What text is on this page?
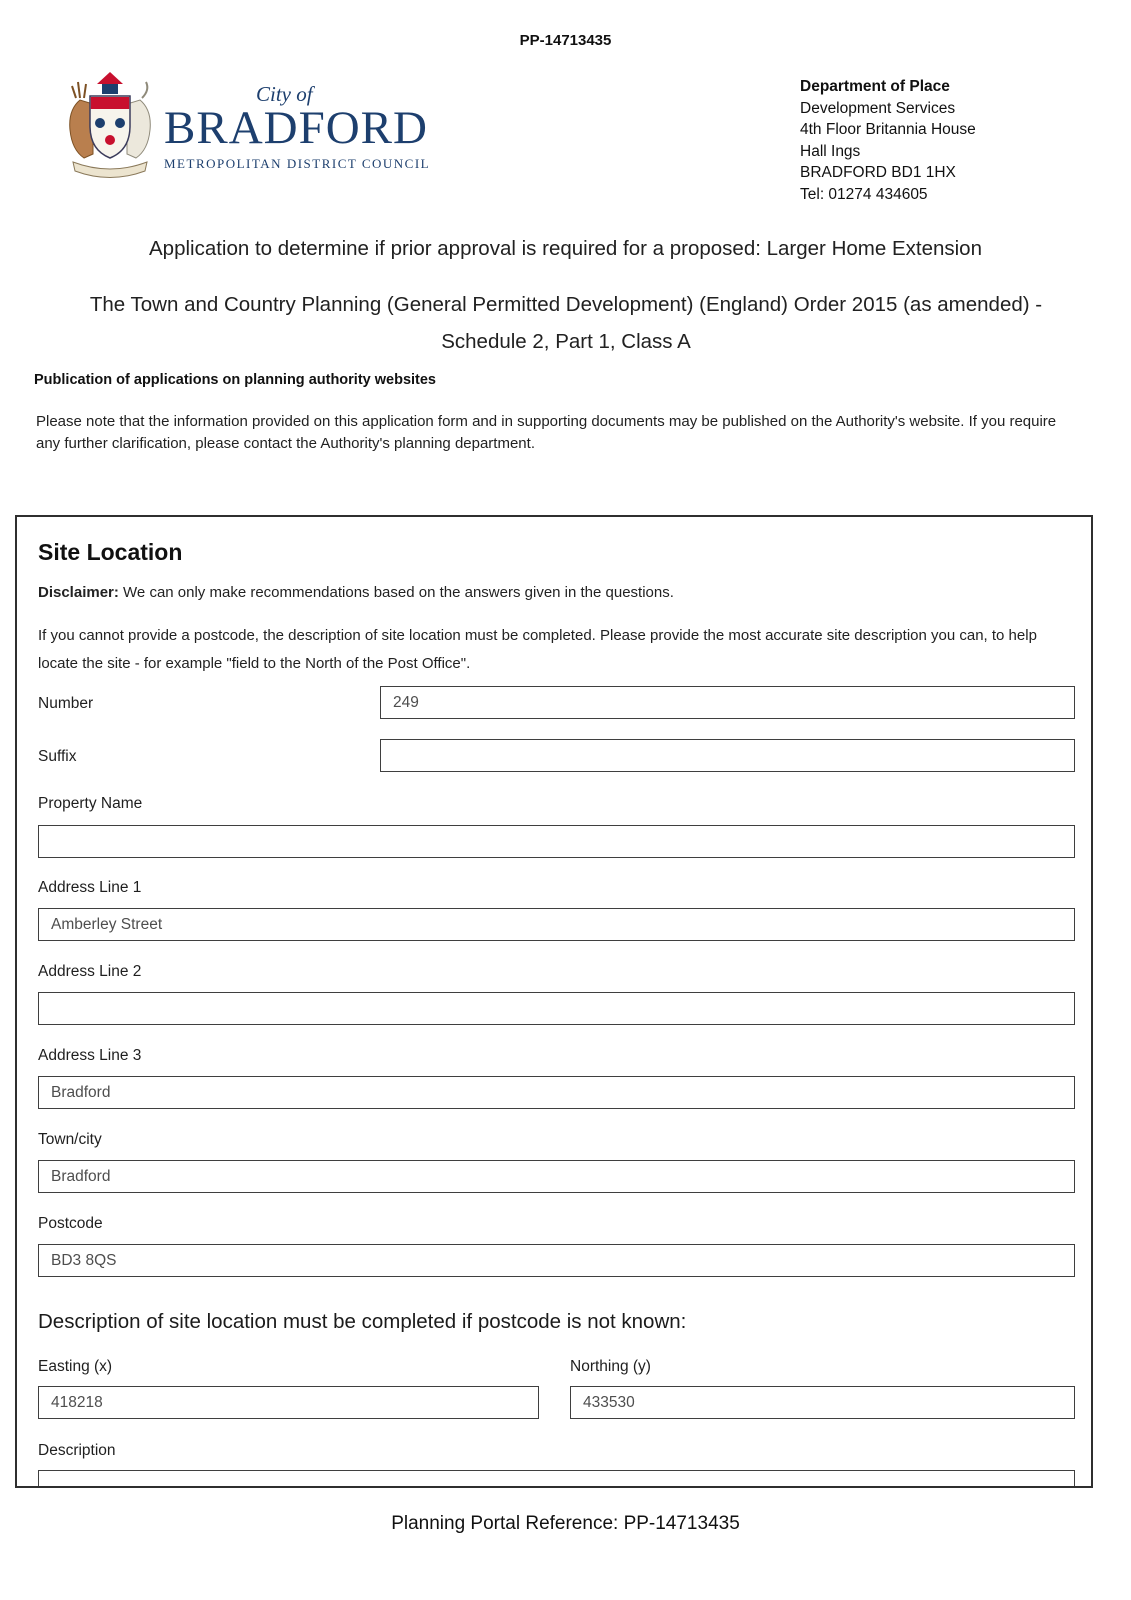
PP-14713435
City of
BRADFORD
METROPOLITAN DISTRICT COUNCIL
Department of Place
Development Services
4th Floor Britannia House
Hall Ings
BRADFORD BD1 1HX
Tel: 01274 434605
Application to determine if prior approval is required for a proposed: Larger Home Extension
The Town and Country Planning (General Permitted Development) (England) Order 2015 (as amended) - Schedule 2, Part 1, Class A
Publication of applications on planning authority websites
Please note that the information provided on this application form and in supporting documents may be published on the Authority's website. If you require any further clarification, please contact the Authority's planning department.
Site Location
Disclaimer: We can only make recommendations based on the answers given in the questions.
If you cannot provide a postcode, the description of site location must be completed. Please provide the most accurate site description you can, to help locate the site - for example "field to the North of the Post Office".
Number
249
Suffix
Property Name
Address Line 1
Amberley Street
Address Line 2
Address Line 3
Bradford
Town/city
Bradford
Postcode
BD3 8QS
Description of site location must be completed if postcode is not known:
Easting (x)	Northing (y)
418218
433530
Description
Planning Portal Reference: PP-14713435
